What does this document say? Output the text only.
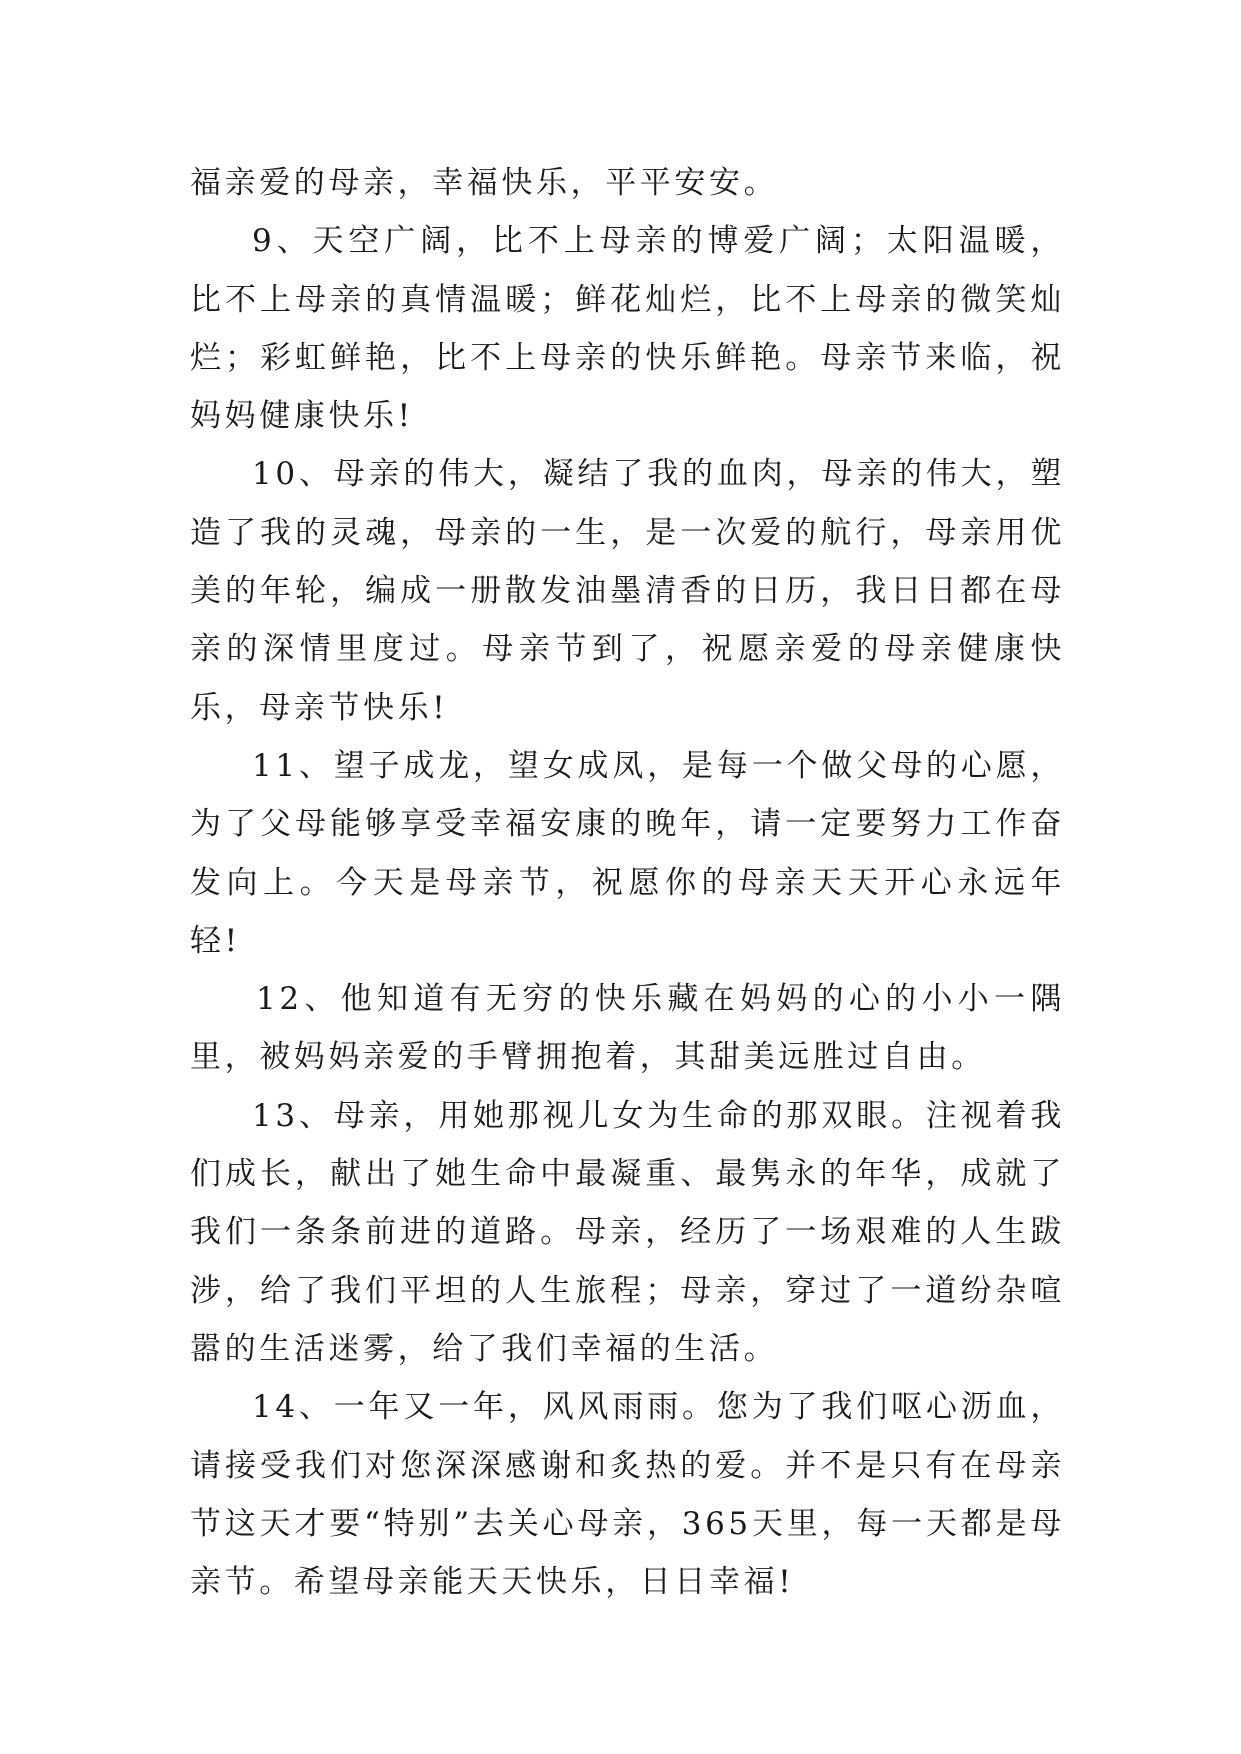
福亲爱的母亲，幸福快乐，平平安安。

9、天空广阔，比不上母亲的博爱广阔；太阳温暖，比不上母亲的真情温暖；鲜花灿烂，比不上母亲的微笑灿烂；彩虹鲜艳，比不上母亲的快乐鲜艳。母亲节来临，祝妈妈健康快乐!

10、母亲的伟大，凝结了我的血肉，母亲的伟大，塑造了我的灵魂，母亲的一生，是一次爱的航行，母亲用优美的年轮，编成一册散发油墨清香的日历，我日日都在母亲的深情里度过。母亲节到了，祝愿亲爱的母亲健康快乐，母亲节快乐!

11、望子成龙，望女成凤，是每一个做父母的心愿，为了父母能够享受幸福安康的晚年，请一定要努力工作奋发向上。今天是母亲节，祝愿你的母亲天天开心永远年轻!

12、他知道有无穷的快乐藏在妈妈的心的小小一隅里，被妈妈亲爱的手臂拥抱着，其甜美远胜过自由。

13、母亲，用她那视儿女为生命的那双眼。注视着我们成长，献出了她生命中最凝重、最隽永的年华，成就了我们一条条前进的道路。母亲，经历了一场艰难的人生跋涉，给了我们平坦的人生旅程；母亲，穿过了一道纷杂喧嚣的生活迷雾，给了我们幸福的生活。

14、一年又一年，风风雨雨。您为了我们呕心沥血，请接受我们对您深深感谢和炙热的爱。并不是只有在母亲节这天才要“特别”去关心母亲，365天里，每一天都是母亲节。希望母亲能天天快乐，日日幸福!
